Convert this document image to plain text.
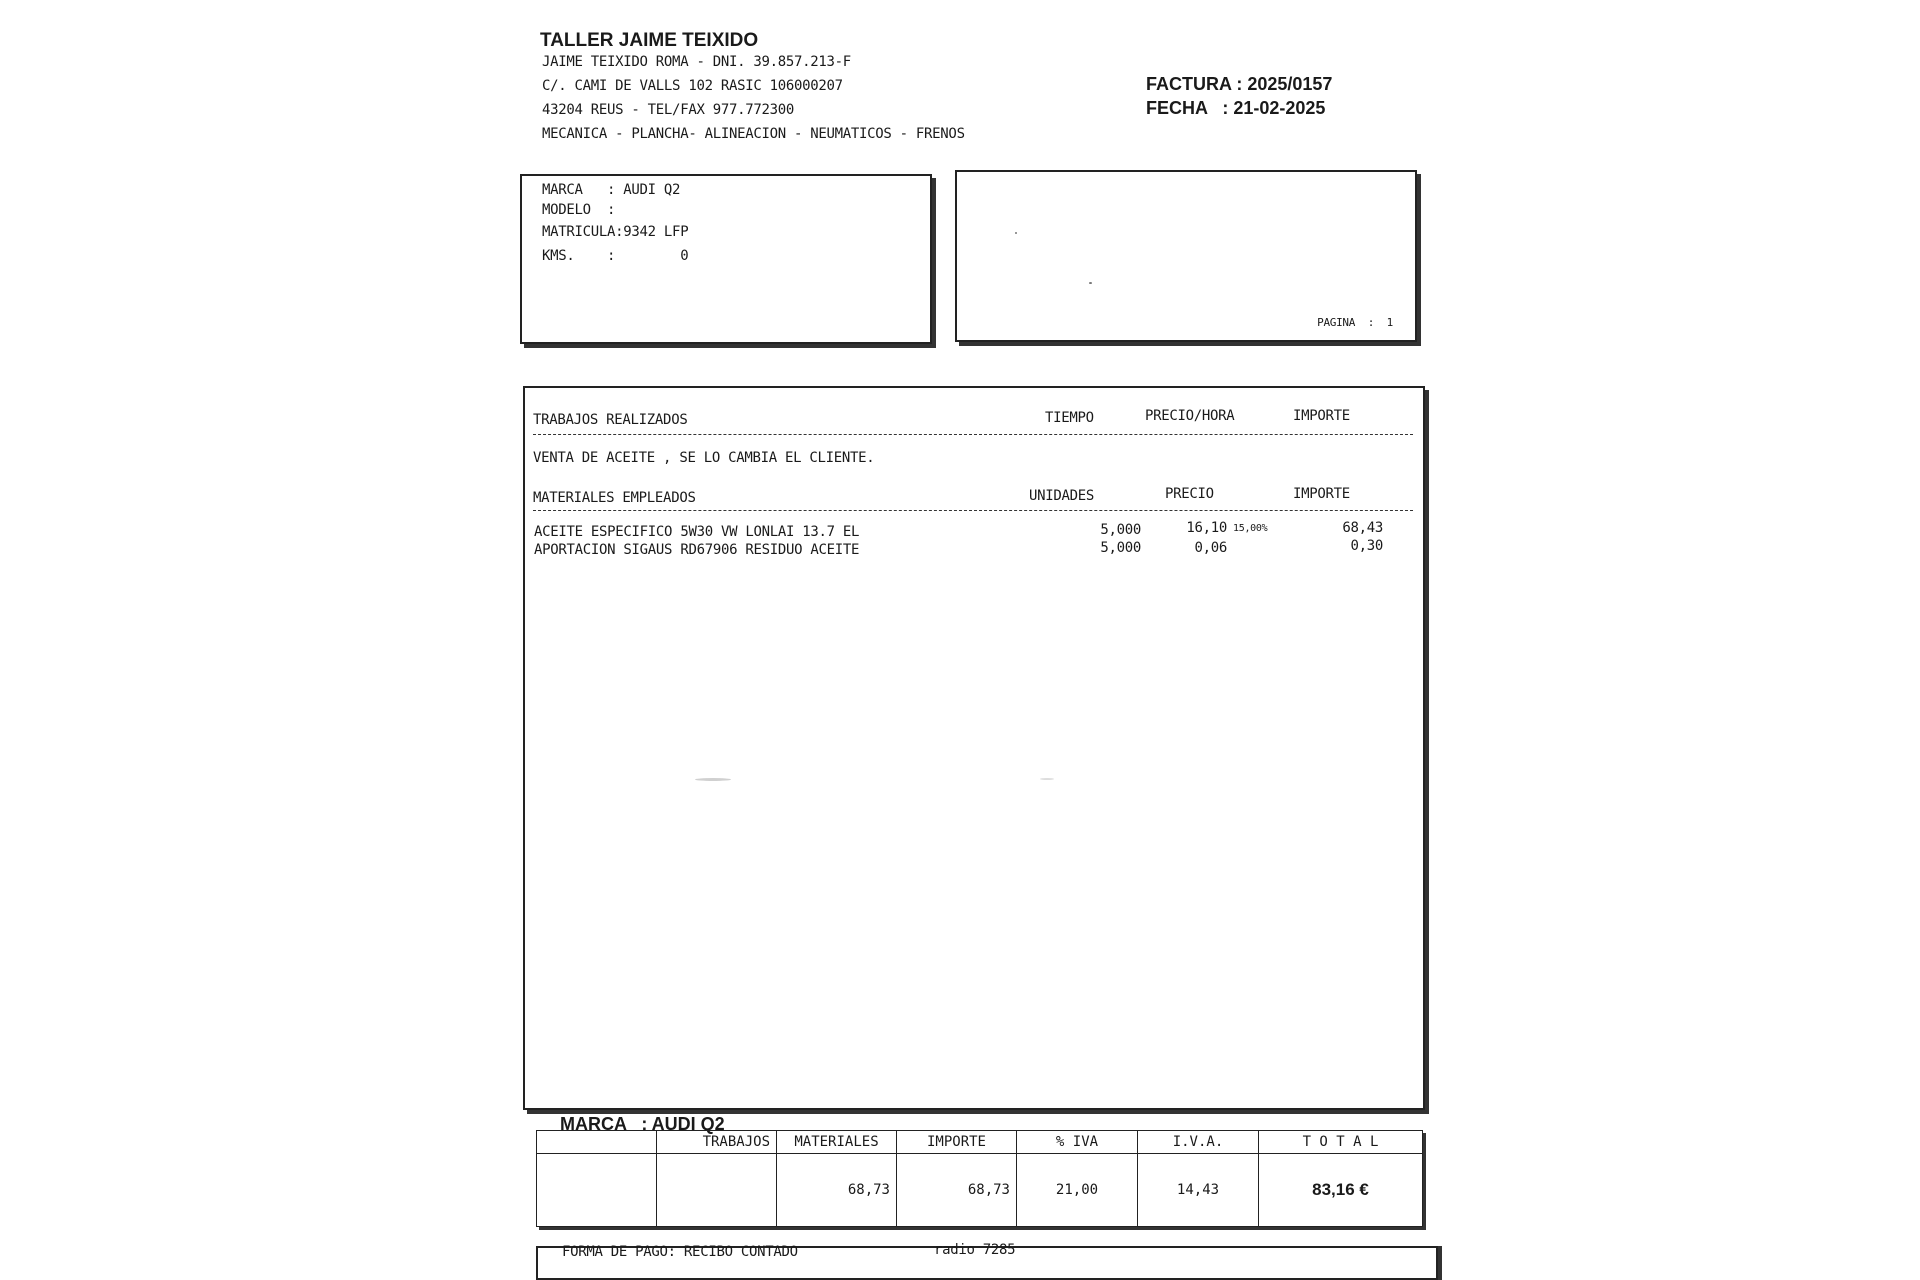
TALLER JAIME TEIXIDO
JAIME TEIXIDO ROMA - DNI. 39.857.213-F
C/. CAMI DE VALLS 102 RASIC 106000207
43204 REUS - TEL/FAX 977.772300
MECANICA - PLANCHA- ALINEACION - NEUMATICOS - FRENOS
FACTURA : 2025/0157
FECHA   : 21-02-2025
MARCA   : AUDI Q2
MODELO  :
MATRICULA:9342 LFP
KMS.    :        0
PAGINA  :  1
TRABAJOS REALIZADOS	TIEMPO	PRECIO/HORA	IMPORTE
VENTA DE ACEITE , SE LO CAMBIA EL CLIENTE.
MATERIALES EMPLEADOS	UNIDADES	PRECIO	IMPORTE
ACEITE ESPECIFICO 5W30 VW LONLAI 13.7 EL	5,000	16,10 15,00%	68,43
APORTACION SIGAUS RD67906 RESIDUO ACEITE	5,000	0,06	0,30
MARCA   : AUDI Q2
	TRABAJOS	MATERIALES	IMPORTE	% IVA	I.V.A.	T O T A L
		68,73	68,73	21,00	14,43	83,16 €
FORMA DE PAGO: RECIBO CONTADO	radio 7285
